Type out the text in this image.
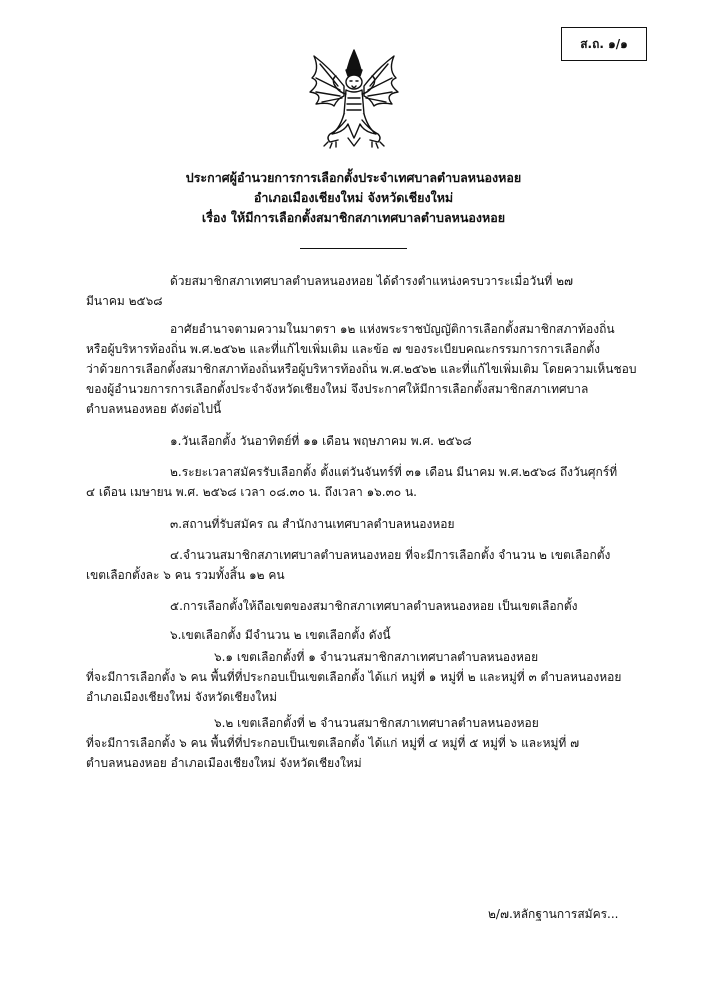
ส.ถ. ๑/๑
ประกาศผู้อำนวยการการเลือกตั้งประจำเทศบาลตำบลหนองหอย
อำเภอเมืองเชียงใหม่ จังหวัดเชียงใหม่
เรื่อง ให้มีการเลือกตั้งสมาชิกสภาเทศบาลตำบลหนองหอย
ด้วยสมาชิกสภาเทศบาลตำบลหนองหอย ได้ดำรงตำแหน่งครบวาระเมื่อวันที่ ๒๗
มีนาคม ๒๕๖๘
อาศัยอำนาจตามความในมาตรา ๑๒ แห่งพระราชบัญญัติการเลือกตั้งสมาชิกสภาท้องถิ่น
หรือผู้บริหารท้องถิ่น พ.ศ.๒๕๖๒ และที่แก้ไขเพิ่มเติม และข้อ ๗ ของระเบียบคณะกรรมการการเลือกตั้ง
ว่าด้วยการเลือกตั้งสมาชิกสภาท้องถิ่นหรือผู้บริหารท้องถิ่น พ.ศ.๒๕๖๒ และที่แก้ไขเพิ่มเติม โดยความเห็นชอบ
ของผู้อำนวยการการเลือกตั้งประจำจังหวัดเชียงใหม่ จึงประกาศให้มีการเลือกตั้งสมาชิกสภาเทศบาล
ตำบลหนองหอย ดังต่อไปนี้
๑.วันเลือกตั้ง วันอาทิตย์ที่ ๑๑ เดือน พฤษภาคม พ.ศ. ๒๕๖๘
๒.ระยะเวลาสมัครรับเลือกตั้ง ตั้งแต่วันจันทร์ที่ ๓๑ เดือน มีนาคม พ.ศ.๒๕๖๘ ถึงวันศุกร์ที่
๔ เดือน เมษายน พ.ศ. ๒๕๖๘ เวลา ๐๘.๓๐ น. ถึงเวลา ๑๖.๓๐ น.
๓.สถานที่รับสมัคร ณ สำนักงานเทศบาลตำบลหนองหอย
๔.จำนวนสมาชิกสภาเทศบาลตำบลหนองหอย ที่จะมีการเลือกตั้ง จำนวน ๒ เขตเลือกตั้ง
เขตเลือกตั้งละ ๖ คน รวมทั้งสิ้น ๑๒ คน
๕.การเลือกตั้งให้ถือเขตของสมาชิกสภาเทศบาลตำบลหนองหอย เป็นเขตเลือกตั้ง
๖.เขตเลือกตั้ง มีจำนวน ๒ เขตเลือกตั้ง ดังนี้
๖.๑ เขตเลือกตั้งที่ ๑ จำนวนสมาชิกสภาเทศบาลตำบลหนองหอย
ที่จะมีการเลือกตั้ง ๖ คน พื้นที่ที่ประกอบเป็นเขตเลือกตั้ง ได้แก่ หมู่ที่ ๑ หมู่ที่ ๒ และหมู่ที่ ๓ ตำบลหนองหอย
อำเภอเมืองเชียงใหม่ จังหวัดเชียงใหม่
๖.๒ เขตเลือกตั้งที่ ๒ จำนวนสมาชิกสภาเทศบาลตำบลหนองหอย
ที่จะมีการเลือกตั้ง ๖ คน พื้นที่ที่ประกอบเป็นเขตเลือกตั้ง ได้แก่ หมู่ที่ ๔ หมู่ที่ ๕ หมู่ที่ ๖ และหมู่ที่ ๗
ตำบลหนองหอย อำเภอเมืองเชียงใหม่ จังหวัดเชียงใหม่
๒/๗.หลักฐานการสมัคร...
